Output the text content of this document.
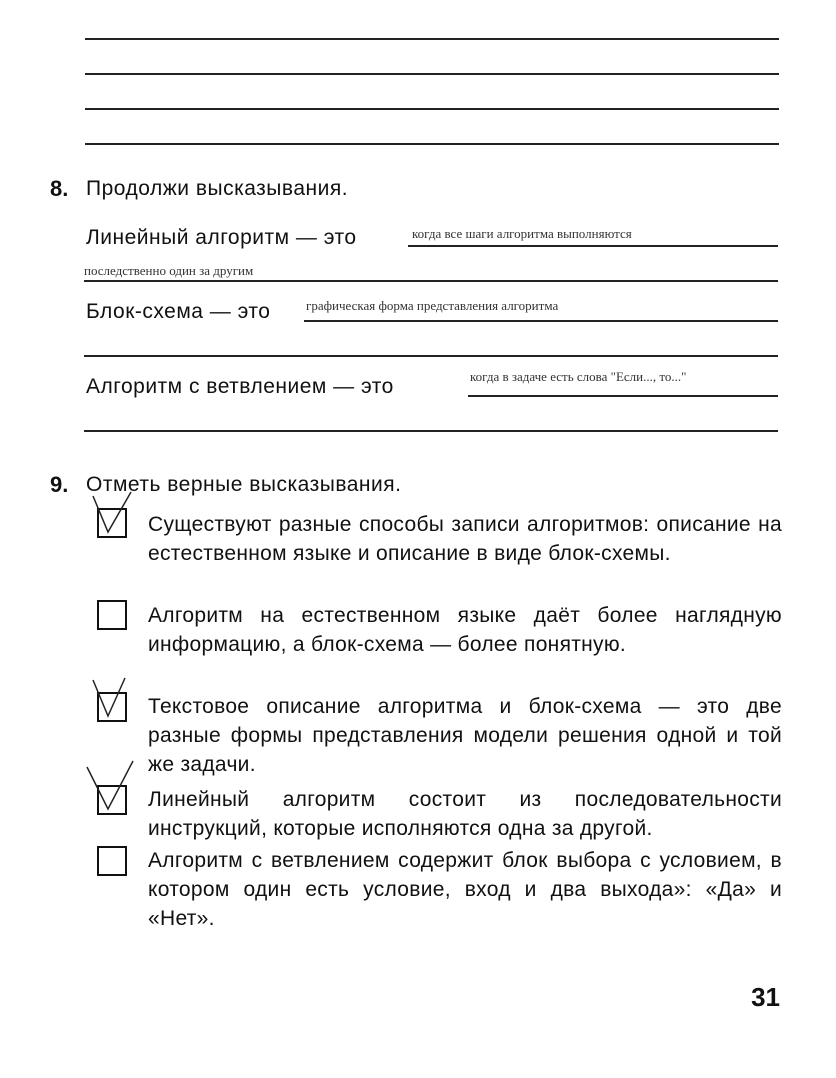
8. Продолжи высказывания.
Линейный алгоритм — это	когда все шаги алгоритма выполняются
последственно один за другим
Блок-схема — это	графическая форма представления алгоритма
Алгоритм с ветвлением — это	когда в задаче есть слова "Если..., то..."
9. Отметь верные высказывания.
Существуют разные способы записи алгоритмов: описание на естественном языке и описание в виде блок-схемы.
Алгоритм на естественном языке даёт более наглядную информацию, а блок-схема — более понятную.
Текстовое описание алгоритма и блок-схема — это две разные формы представления модели решения одной и той же задачи.
Линейный алгоритм состоит из последовательности инструкций, которые исполняются одна за другой.
Алгоритм с ветвлением содержит блок выбора с условием, в котором один есть условие, вход и два выхода»: «Да» и «Нет».
31
